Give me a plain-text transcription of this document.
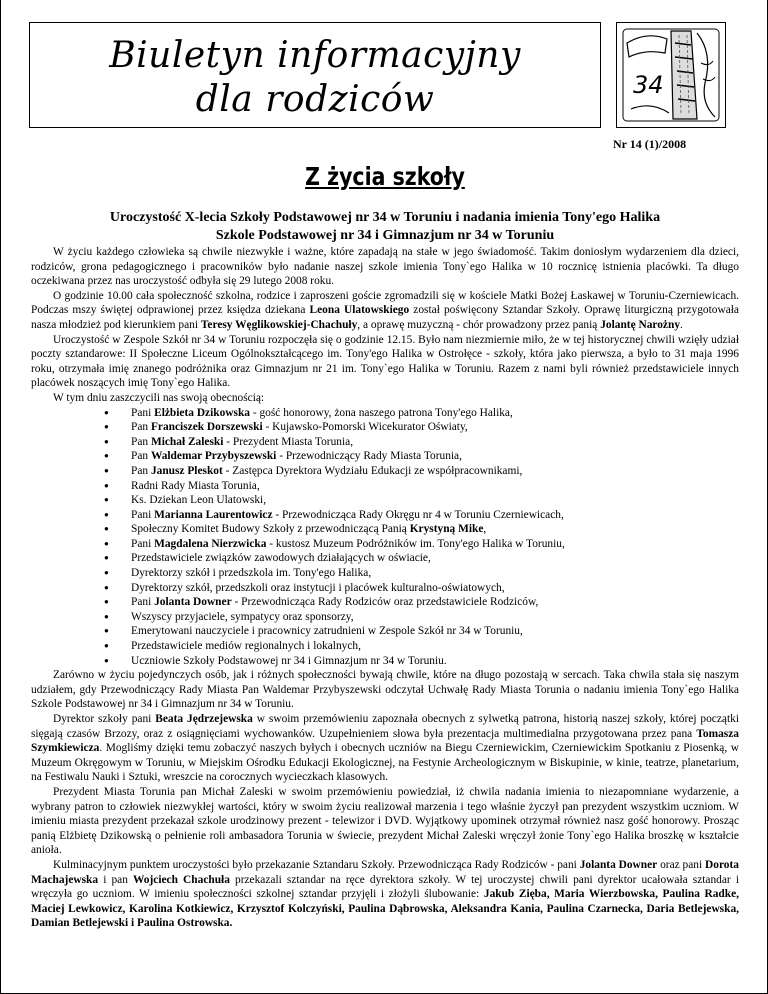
Biuletyn informacyjny
dla rodziców	34
Nr 14 (1)/2008
Z życia szkoły
Uroczystość X-lecia Szkoły Podstawowej nr 34 w Toruniu i nadania imienia Tony'ego Halika
Szkole Podstawowej nr 34 i Gimnazjum nr 34 w Toruniu

W życiu każdego człowieka są chwile niezwykłe i ważne, które zapadają na stałe w jego świadomość. Takim doniosłym wydarzeniem dla dzieci, rodziców, grona pedagogicznego i pracowników było nadanie naszej szkole imienia Tony`ego Halika w 10 rocznicę istnienia placówki. Ta długo oczekiwana przez nas uroczystość odbyła się 29 lutego 2008 roku.

O godzinie 10.00 cała społeczność szkolna, rodzice i zaproszeni goście zgromadzili się w kościele Matki Bożej Łaskawej w Toruniu-Czerniewicach. Podczas mszy świętej odprawionej przez księdza dziekana Leona Ulatowskiego został poświęcony Sztandar Szkoły. Oprawę liturgiczną przygotowała nasza młodzież pod kierunkiem pani Teresy Węglikowskiej-Chachuły, a oprawę muzyczną - chór prowadzony przez panią Jolantę Narożny.

Uroczystość w Zespole Szkół nr 34 w Toruniu rozpoczęła się o godzinie 12.15. Było nam niezmiernie miło, że w tej historycznej chwili wzięły udział poczty sztandarowe: II Społeczne Liceum Ogólnokształcącego im. Tony'ego Halika w Ostrołęce - szkoły, która jako pierwsza, a było to 31 maja 1996 roku, otrzymała imię znanego podróżnika oraz Gimnazjum nr 21 im. Tony`ego Halika w Toruniu. Razem z nami byli również przedstawiciele innych placówek noszących imię Tony`ego Halika.

W tym dniu zaszczycili nas swoją obecnością:

● Pani Elżbieta Dzikowska - gość honorowy, żona naszego patrona Tony'ego Halika,
● Pan Franciszek Dorszewski - Kujawsko-Pomorski Wicekurator Oświaty,
● Pan Michał Zaleski - Prezydent Miasta Torunia,
● Pan Waldemar Przybyszewski - Przewodniczący Rady Miasta Torunia,
● Pan Janusz Pleskot - Zastępca Dyrektora Wydziału Edukacji ze współpracownikami,
● Radni Rady Miasta Torunia,
● Ks. Dziekan Leon Ulatowski,
● Pani Marianna Laurentowicz - Przewodnicząca Rady Okręgu nr 4 w Toruniu Czerniewicach,
● Społeczny Komitet Budowy Szkoły z przewodniczącą Panią Krystyną Mike,
● Pani Magdalena Nierzwicka - kustosz Muzeum Podróżników im. Tony'ego Halika w Toruniu,
● Przedstawiciele związków zawodowych działających w oświacie,
● Dyrektorzy szkół i przedszkola im. Tony'ego Halika,
● Dyrektorzy szkół, przedszkoli oraz instytucji i placówek kulturalno-oświatowych,
● Pani Jolanta Downer - Przewodnicząca Rady Rodziców oraz przedstawiciele Rodziców,
● Wszyscy przyjaciele, sympatycy oraz sponsorzy,
● Emerytowani nauczyciele i pracownicy zatrudnieni w Zespole Szkół nr 34 w Toruniu,
● Przedstawiciele mediów regionalnych i lokalnych,
● Uczniowie Szkoły Podstawowej nr 34 i Gimnazjum nr 34 w Toruniu.

Zarówno w życiu pojedynczych osób, jak i różnych społeczności bywają chwile, które na długo pozostają w sercach. Taka chwila stała się naszym udziałem, gdy Przewodniczący Rady Miasta Pan Waldemar Przybyszewski odczytał Uchwałę Rady Miasta Torunia o nadaniu imienia Tony`ego Halika Szkole Podstawowej nr 34 i Gimnazjum nr 34 w Toruniu.

Dyrektor szkoły pani Beata Jędrzejewska w swoim przemówieniu zapoznała obecnych z sylwetką patrona, historią naszej szkoły, której początki sięgają czasów Brzozy, oraz z osiągnięciami wychowanków. Uzupełnieniem słowa była prezentacja multimedialna przygotowana przez pana Tomasza Szymkiewicza. Mogliśmy dzięki temu zobaczyć naszych byłych i obecnych uczniów na Biegu Czerniewickim, Czerniewickim Spotkaniu z Piosenką, w Muzeum Okręgowym w Toruniu, w Miejskim Ośrodku Edukacji Ekologicznej, na Festynie Archeologicznym w Biskupinie, w kinie, teatrze, planetarium, na Festiwalu Nauki i Sztuki, wreszcie na corocznych wycieczkach klasowych.

Prezydent Miasta Torunia pan Michał Zaleski w swoim przemówieniu powiedział, iż chwila nadania imienia to niezapomniane wydarzenie, a wybrany patron to człowiek niezwykłej wartości, który w swoim życiu realizował marzenia i tego właśnie życzył pan prezydent wszystkim uczniom. W imieniu miasta prezydent przekazał szkole urodzinowy prezent - telewizor i DVD. Wyjątkowy upominek otrzymał również nasz gość honorowy. Prosząc panią Elżbietę Dzikowską o pełnienie roli ambasadora Torunia w świecie, prezydent Michał Zaleski wręczył żonie Tony`ego Halika broszkę w kształcie anioła.

Kulminacyjnym punktem uroczystości było przekazanie Sztandaru Szkoły. Przewodnicząca Rady Rodziców - pani Jolanta Downer oraz pani Dorota Machajewska i pan Wojciech Chachuła przekazali sztandar na ręce dyrektora szkoły. W tej uroczystej chwili pani dyrektor ucałowała sztandar i wręczyła go uczniom. W imieniu społeczności szkolnej sztandar przyjęli i złożyli ślubowanie: Jakub Zięba, Maria Wierzbowska, Paulina Radke, Maciej Lewkowicz, Karolina Kotkiewicz, Krzysztof Kolczyński, Paulina Dąbrowska, Aleksandra Kania, Paulina Czarnecka, Daria Betlejewska, Damian Betlejewski i Paulina Ostrowska.
